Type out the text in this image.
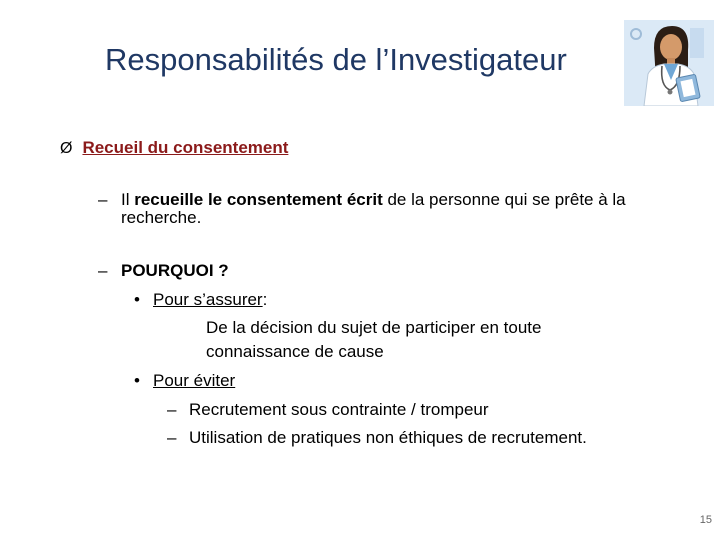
Responsabilités de l’Investigateur
Ø Recueil du consentement
– Il recueille le consentement écrit de la personne qui se prête à la
recherche.
– POURQUOI ?
• Pour s’assurer:
De la décision du sujet de participer en toute
connaissance de cause
• Pour éviter
– Recrutement sous contrainte / trompeur
– Utilisation de pratiques non éthiques de recrutement.
15
